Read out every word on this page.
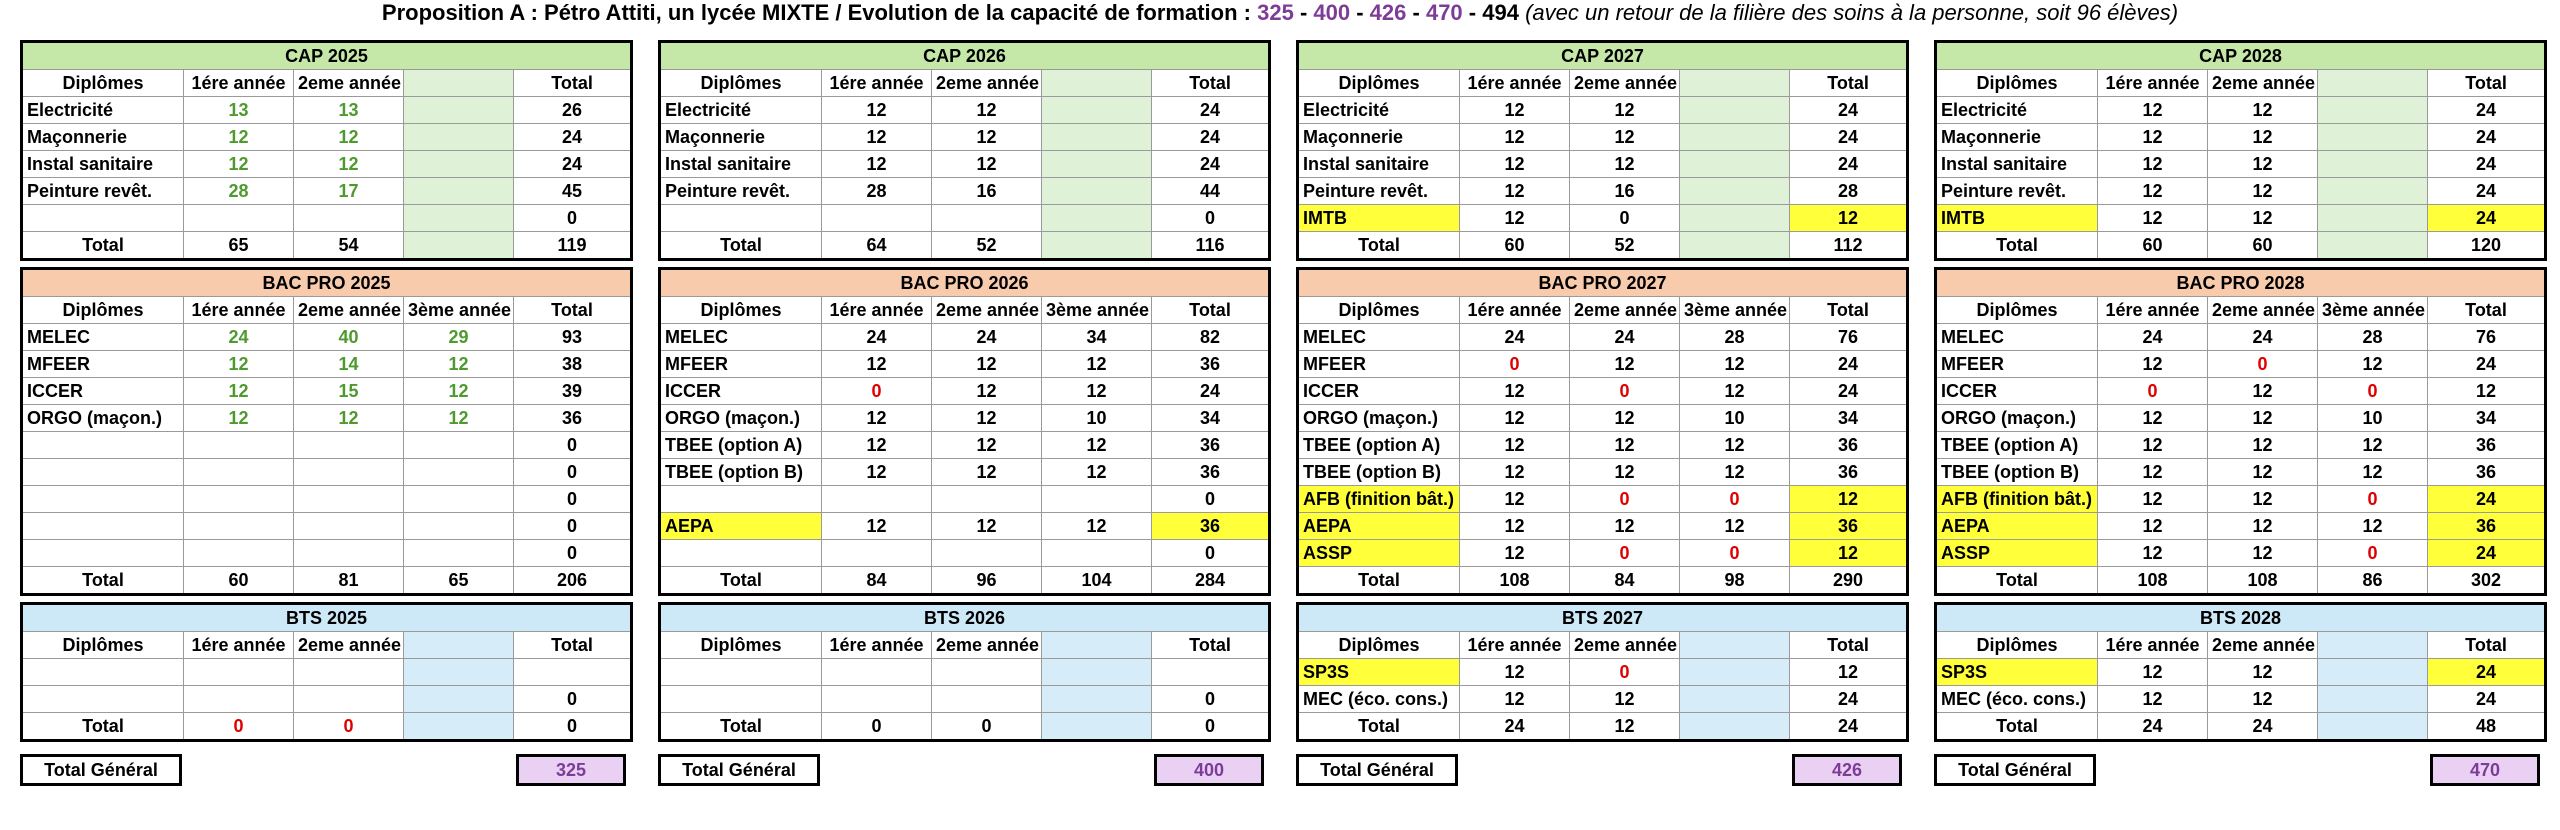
Proposition A : Pétro Attiti, un lycée MIXTE / Evolution de la capacité de formation : 325 - 400 - 426 - 470 - 494 (avec un retour de la filière des soins à la personne, soit 96 élèves)
CAP 2025				
Diplômes	1ére année	2eme année		Total
Electricité	13	13		26
Maçonnerie	12	12		24
Instal sanitaire	12	12		24
Peinture revêt.	28	17		45
				0
Total	65	54		119
BAC PRO 2025				
Diplômes	1ére année	2eme année	3ème année	Total
MELEC	24	40	29	93
MFEER	12	14	12	38
ICCER	12	15	12	39
ORGO (maçon.)	12	12	12	36
				0
				0
				0
				0
				0
Total	60	81	65	206
BTS 2025				
Diplômes	1ére année	2eme année		Total

				0
Total	0	0		0
Total Général	325
CAP 2026				
Diplômes	1ére année	2eme année		Total
Electricité	12	12		24
Maçonnerie	12	12		24
Instal sanitaire	12	12		24
Peinture revêt.	28	16		44
				0
Total	64	52		116
BAC PRO 2026				
Diplômes	1ére année	2eme année	3ème année	Total
MELEC	24	24	34	82
MFEER	12	12	12	36
ICCER	0	12	12	24
ORGO (maçon.)	12	12	10	34
TBEE (option A)	12	12	12	36
TBEE (option B)	12	12	12	36
				0
AEPA	12	12	12	36
				0
Total	84	96	104	284
BTS 2026				
Diplômes	1ére année	2eme année		Total

				0
Total	0	0		0
Total Général	400
CAP 2027				
Diplômes	1ére année	2eme année		Total
Electricité	12	12		24
Maçonnerie	12	12		24
Instal sanitaire	12	12		24
Peinture revêt.	12	16		28
IMTB	12	0		12
Total	60	52		112
BAC PRO 2027				
Diplômes	1ére année	2eme année	3ème année	Total
MELEC	24	24	28	76
MFEER	0	12	12	24
ICCER	12	0	12	24
ORGO (maçon.)	12	12	10	34
TBEE (option A)	12	12	12	36
TBEE (option B)	12	12	12	36
AFB (finition bât.)	12	0	0	12
AEPA	12	12	12	36
ASSP	12	0	0	12
Total	108	84	98	290
BTS 2027				
Diplômes	1ére année	2eme année		Total
SP3S	12	0		12
MEC (éco. cons.)	12	12		24
Total	24	12		24
Total Général	426
CAP 2028				
Diplômes	1ére année	2eme année		Total
Electricité	12	12		24
Maçonnerie	12	12		24
Instal sanitaire	12	12		24
Peinture revêt.	12	12		24
IMTB	12	12		24
Total	60	60		120
BAC PRO 2028				
Diplômes	1ére année	2eme année	3ème année	Total
MELEC	24	24	28	76
MFEER	12	0	12	24
ICCER	0	12	0	12
ORGO (maçon.)	12	12	10	34
TBEE (option A)	12	12	12	36
TBEE (option B)	12	12	12	36
AFB (finition bât.)	12	12	0	24
AEPA	12	12	12	36
ASSP	12	12	0	24
Total	108	108	86	302
BTS 2028				
Diplômes	1ére année	2eme année		Total
SP3S	12	12		24
MEC (éco. cons.)	12	12		24
Total	24	24		48
Total Général	470
